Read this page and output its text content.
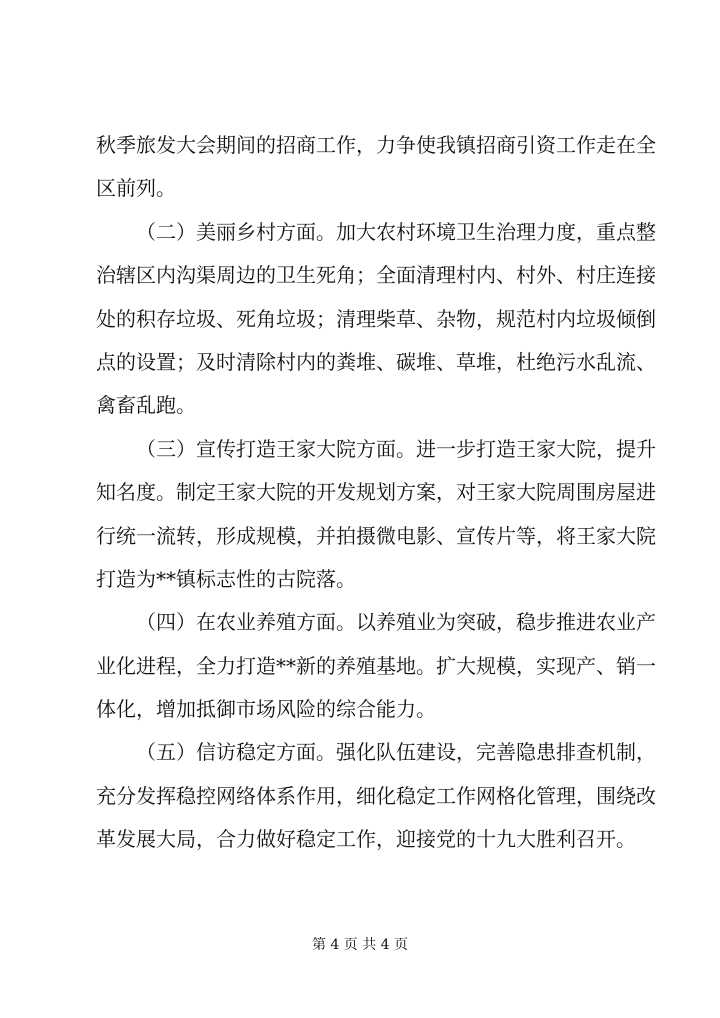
秋季旅发大会期间的招商工作，力争使我镇招商引资工作走在全
区前列。
（二）美丽乡村方面。加大农村环境卫生治理力度，重点整
治辖区内沟渠周边的卫生死角；全面清理村内、村外、村庄连接
处的积存垃圾、死角垃圾；清理柴草、杂物，规范村内垃圾倾倒
点的设置；及时清除村内的粪堆、碳堆、草堆，杜绝污水乱流、
禽畜乱跑。
（三）宣传打造王家大院方面。进一步打造王家大院，提升
知名度。制定王家大院的开发规划方案，对王家大院周围房屋进
行统一流转，形成规模，并拍摄微电影、宣传片等，将王家大院
打造为**镇标志性的古院落。
（四）在农业养殖方面。以养殖业为突破，稳步推进农业产
业化进程，全力打造**新的养殖基地。扩大规模，实现产、销一
体化，增加抵御市场风险的综合能力。
（五）信访稳定方面。强化队伍建设，完善隐患排查机制，
充分发挥稳控网络体系作用，细化稳定工作网格化管理，围绕改
革发展大局，合力做好稳定工作，迎接党的十九大胜利召开。
第 4 页 共 4 页
